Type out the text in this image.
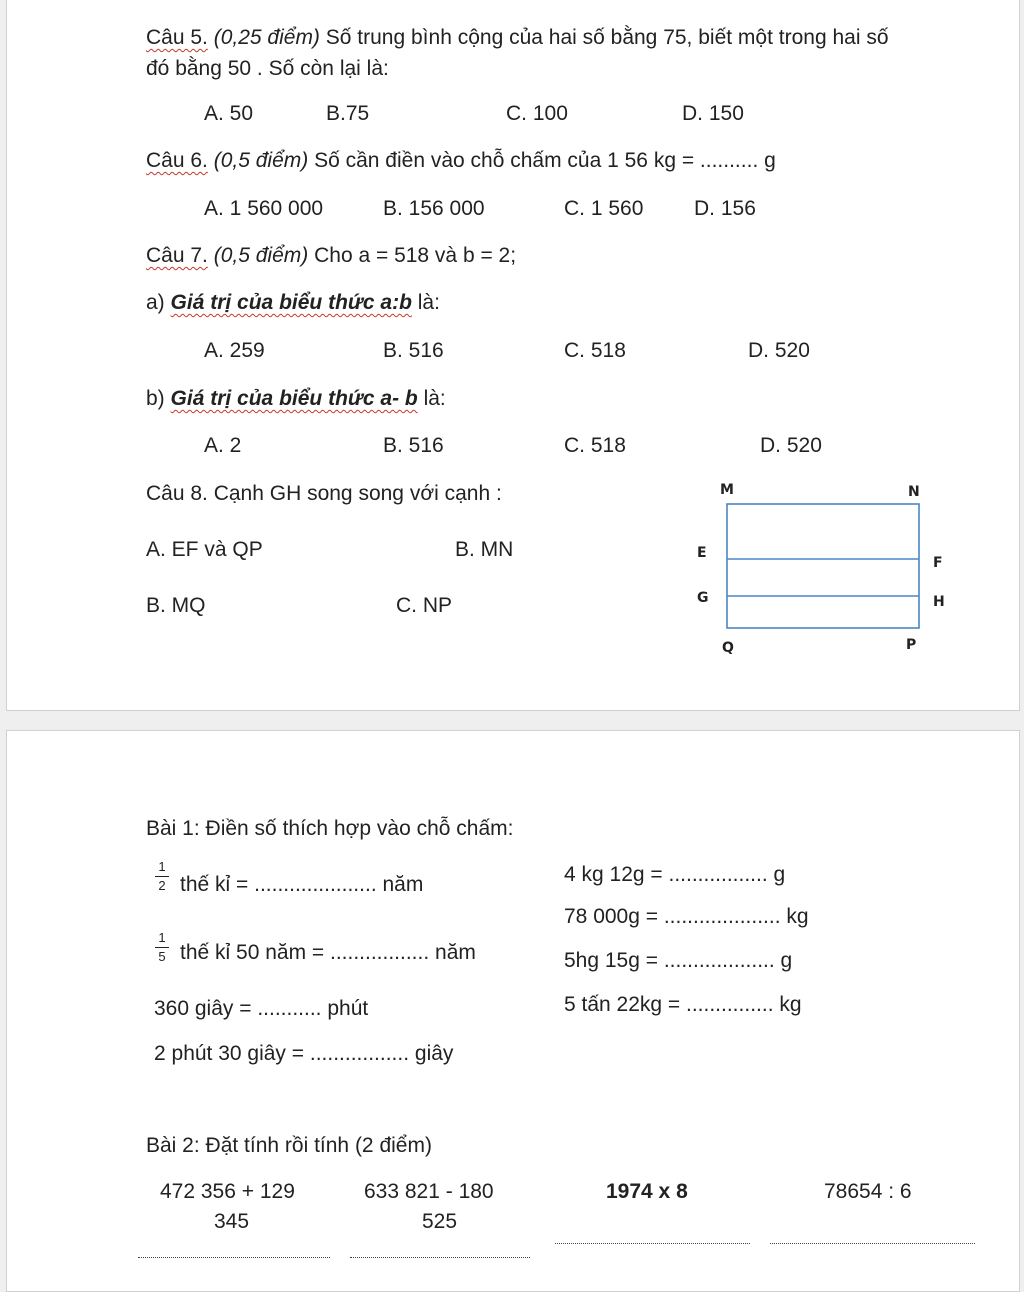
Câu 5. (0,25 điểm) Số trung bình cộng của hai số bằng 75, biết một trong hai số
đó bằng 50 . Số còn lại là:
A. 50	B.75	C. 100	D. 150
Câu 6. (0,5 điểm) Số cần điền vào chỗ chấm của 1 56 kg = .......... g
A. 1 560 000	B. 156 000	C. 1 560 D. 156
Câu 7. (0,5 điểm) Cho a = 518 và b = 2;
a) Giá trị của biểu thức a:b là:
A. 259	B. 516	C. 518	D. 520
b) Giá trị của biểu thức a- b là:
A. 2	B. 516	C. 518	D. 520
Câu 8. Cạnh GH song song với cạnh :
A. EF và QP	B. MN
B. MQ	C. NP
M	N
E
F
G	H
Q	P
Bài 1: Điền số thích hợp vào chỗ chấm:
$\frac{1}{2}$ thế kỉ = ..................... năm
$\frac{1}{5}$ thế kỉ 50 năm = ................. năm
360 giây = ........... phút
2 phút 30 giây = ................. giây
4 kg 12g = ................. g
78 000g = .................... kg
5hg 15g = ................... g
5 tấn 22kg = ............... kg
Bài 2: Đặt tính rồi tính (2 điểm)
472 356 + 129
345
633 821 - 180
525
1974 x 8	78654 : 6
